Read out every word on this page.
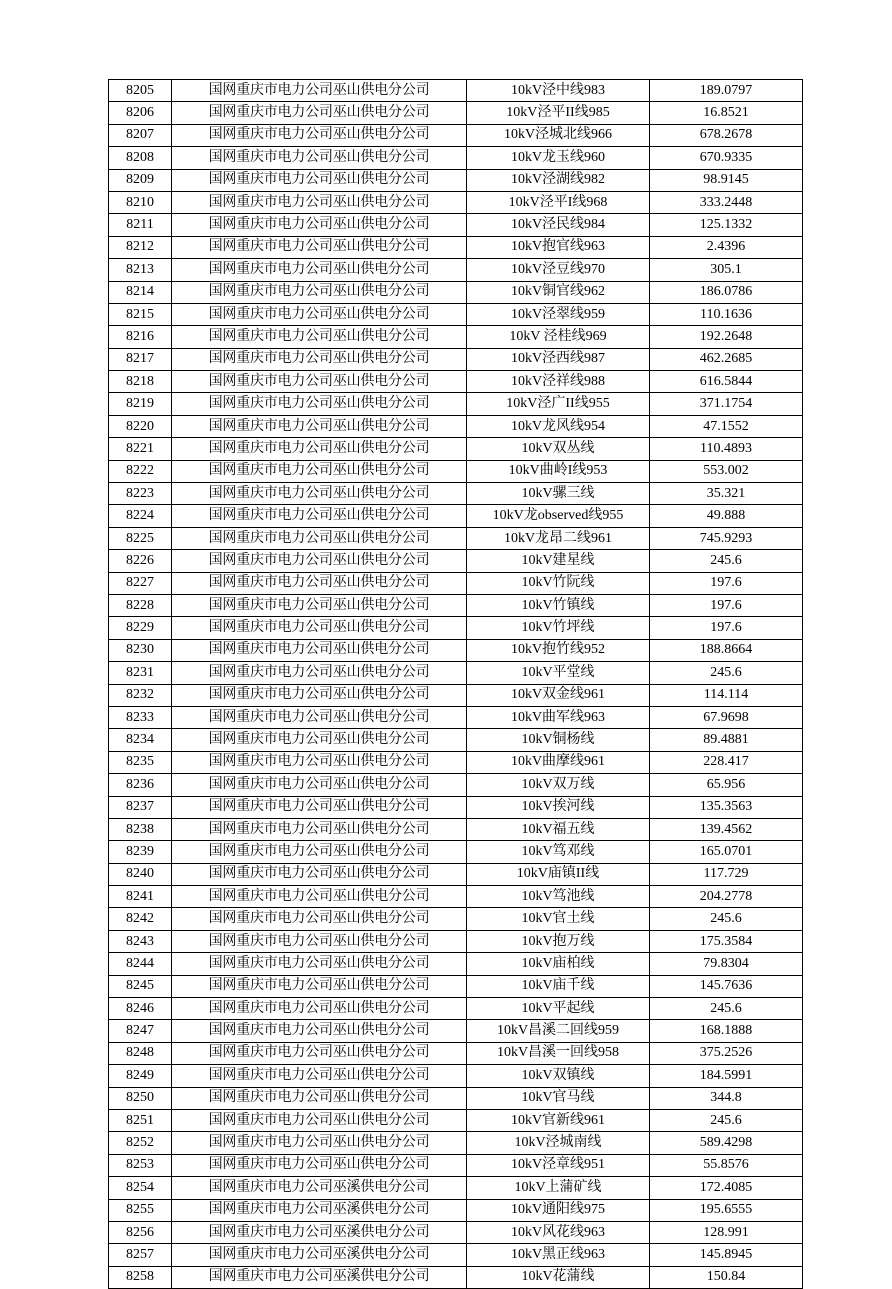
8205	国网重庆市电力公司巫山供电分公司	10kV泾中线983	189.0797
8206	国网重庆市电力公司巫山供电分公司	10kV泾平II线985	16.8521
8207	国网重庆市电力公司巫山供电分公司	10kV泾城北线966	678.2678
8208	国网重庆市电力公司巫山供电分公司	10kV龙玉线960	670.9335
8209	国网重庆市电力公司巫山供电分公司	10kV泾湖线982	98.9145
8210	国网重庆市电力公司巫山供电分公司	10kV泾平I线968	333.2448
8211	国网重庆市电力公司巫山供电分公司	10kV泾民线984	125.1332
8212	国网重庆市电力公司巫山供电分公司	10kV抱官线963	2.4396
8213	国网重庆市电力公司巫山供电分公司	10kV泾豆线970	305.1
8214	国网重庆市电力公司巫山供电分公司	10kV铜官线962	186.0786
8215	国网重庆市电力公司巫山供电分公司	10kV泾翠线959	110.1636
8216	国网重庆市电力公司巫山供电分公司	10kV 泾桂线969	192.2648
8217	国网重庆市电力公司巫山供电分公司	10kV泾西线987	462.2685
8218	国网重庆市电力公司巫山供电分公司	10kV泾祥线988	616.5844
8219	国网重庆市电力公司巫山供电分公司	10kV泾广II线955	371.1754
8220	国网重庆市电力公司巫山供电分公司	10kV龙风线954	47.1552
8221	国网重庆市电力公司巫山供电分公司	10kV双丛线	110.4893
8222	国网重庆市电力公司巫山供电分公司	10kV曲岭I线953	553.002
8223	国网重庆市电力公司巫山供电分公司	10kV骡三线	35.321
8224	国网重庆市电力公司巫山供电分公司	10kV龙observed线955	49.888
8225	国网重庆市电力公司巫山供电分公司	10kV龙昂二线961	745.9293
8226	国网重庆市电力公司巫山供电分公司	10kV建星线	245.6
8227	国网重庆市电力公司巫山供电分公司	10kV竹阮线	197.6
8228	国网重庆市电力公司巫山供电分公司	10kV竹镇线	197.6
8229	国网重庆市电力公司巫山供电分公司	10kV竹坪线	197.6
8230	国网重庆市电力公司巫山供电分公司	10kV抱竹线952	188.8664
8231	国网重庆市电力公司巫山供电分公司	10kV平堂线	245.6
8232	国网重庆市电力公司巫山供电分公司	10kV双金线961	114.114
8233	国网重庆市电力公司巫山供电分公司	10kV曲军线963	67.9698
8234	国网重庆市电力公司巫山供电分公司	10kV铜杨线	89.4881
8235	国网重庆市电力公司巫山供电分公司	10kV曲摩线961	228.417
8236	国网重庆市电力公司巫山供电分公司	10kV双万线	65.956
8237	国网重庆市电力公司巫山供电分公司	10kV挨河线	135.3563
8238	国网重庆市电力公司巫山供电分公司	10kV福五线	139.4562
8239	国网重庆市电力公司巫山供电分公司	10kV笃邓线	165.0701
8240	国网重庆市电力公司巫山供电分公司	10kV庙镇II线	117.729
8241	国网重庆市电力公司巫山供电分公司	10kV笃池线	204.2778
8242	国网重庆市电力公司巫山供电分公司	10kV官土线	245.6
8243	国网重庆市电力公司巫山供电分公司	10kV抱万线	175.3584
8244	国网重庆市电力公司巫山供电分公司	10kV庙柏线	79.8304
8245	国网重庆市电力公司巫山供电分公司	10kV庙千线	145.7636
8246	国网重庆市电力公司巫山供电分公司	10kV平起线	245.6
8247	国网重庆市电力公司巫山供电分公司	10kV昌溪二回线959	168.1888
8248	国网重庆市电力公司巫山供电分公司	10kV昌溪一回线958	375.2526
8249	国网重庆市电力公司巫山供电分公司	10kV双镇线	184.5991
8250	国网重庆市电力公司巫山供电分公司	10kV官马线	344.8
8251	国网重庆市电力公司巫山供电分公司	10kV官新线961	245.6
8252	国网重庆市电力公司巫山供电分公司	10kV泾城南线	589.4298
8253	国网重庆市电力公司巫山供电分公司	10kV泾章线951	55.8576
8254	国网重庆市电力公司巫溪供电分公司	10kV上蒲矿线	172.4085
8255	国网重庆市电力公司巫溪供电分公司	10kV通阳线975	195.6555
8256	国网重庆市电力公司巫溪供电分公司	10kV风花线963	128.991
8257	国网重庆市电力公司巫溪供电分公司	10kV黑正线963	145.8945
8258	国网重庆市电力公司巫溪供电分公司	10kV花蒲线	150.84
